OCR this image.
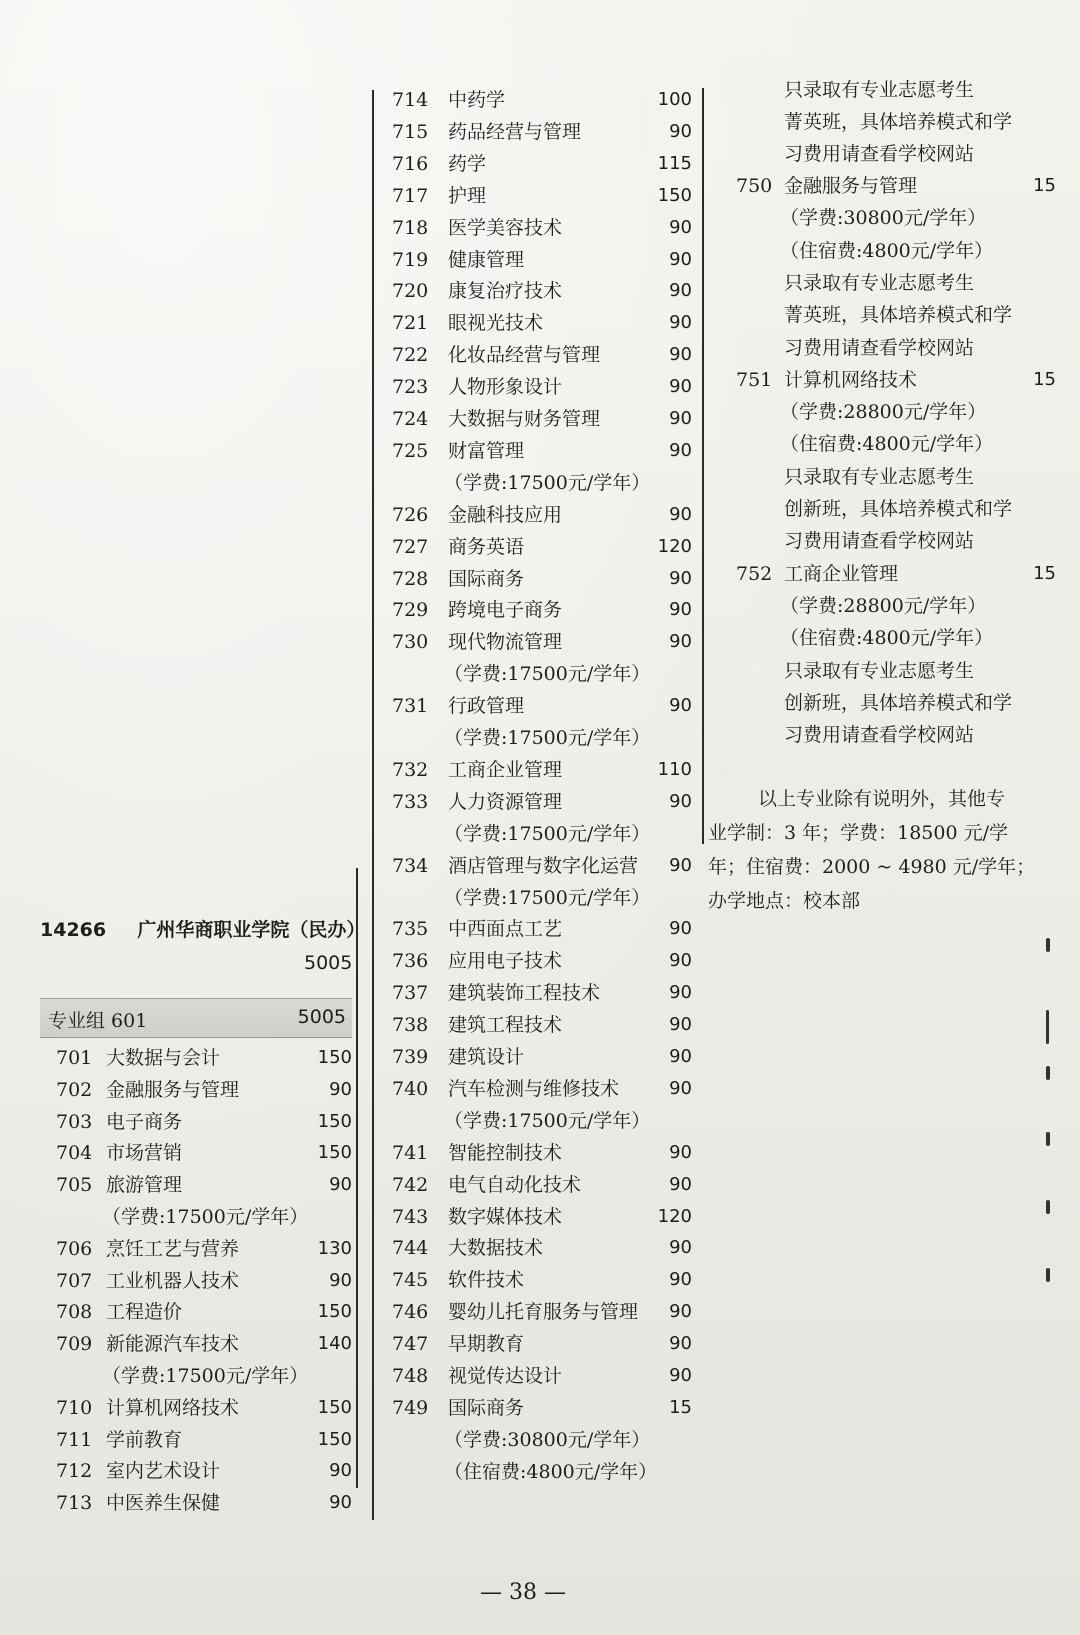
14266 广州华商职业学院（民办）
5005
专业组 601	5005
701 大数据与会计	150
702 金融服务与管理	90
703 电子商务	150
704 市场营销	150
705 旅游管理	90
（学费:17500元/学年）
706 烹饪工艺与营养	130
707 工业机器人技术	90
708 工程造价	150
709 新能源汽车技术	140
（学费:17500元/学年）
710 计算机网络技术	150
711 学前教育	150
712 室内艺术设计	90
713 中医养生保健	90
714 中药学	100
715 药品经营与管理	90
716 药学	115
717 护理	150
718 医学美容技术	90
719 健康管理	90
720 康复治疗技术	90
721 眼视光技术	90
722 化妆品经营与管理	90
723 人物形象设计	90
724 大数据与财务管理	90
725 财富管理	90
（学费:17500元/学年）
726 金融科技应用	90
727 商务英语	120
728 国际商务	90
729 跨境电子商务	90
730 现代物流管理	90
（学费:17500元/学年）
731 行政管理	90
（学费:17500元/学年）
732 工商企业管理	110
733 人力资源管理	90
（学费:17500元/学年）
734 酒店管理与数字化运营 90
（学费:17500元/学年）
735 中西面点工艺	90
736 应用电子技术	90
737 建筑装饰工程技术	90
738 建筑工程技术	90
739 建筑设计	90
740 汽车检测与维修技术	90
（学费:17500元/学年）
741 智能控制技术	90
742 电气自动化技术	90
743 数字媒体技术	120
744 大数据技术	90
745 软件技术	90
746 婴幼儿托育服务与管理 90
747 早期教育	90
748 视觉传达设计	90
749 国际商务	15
（学费:30800元/学年）
（住宿费:4800元/学年）
只录取有专业志愿考生
菁英班，具体培养模式和学
习费用请查看学校网站
750 金融服务与管理	15
（学费:30800元/学年）
（住宿费:4800元/学年）
只录取有专业志愿考生
菁英班，具体培养模式和学
习费用请查看学校网站
751 计算机网络技术	15
（学费:28800元/学年）
（住宿费:4800元/学年）
只录取有专业志愿考生
创新班，具体培养模式和学
习费用请查看学校网站
752 工商企业管理	15
（学费:28800元/学年）
（住宿费:4800元/学年）
只录取有专业志愿考生
创新班，具体培养模式和学
习费用请查看学校网站

以上专业除有说明外，其他专

业学制：3 年；学费：18500 元/学

年；住宿费：2000 ~ 4980 元/学年；

办学地点：校本部

— 38 —
